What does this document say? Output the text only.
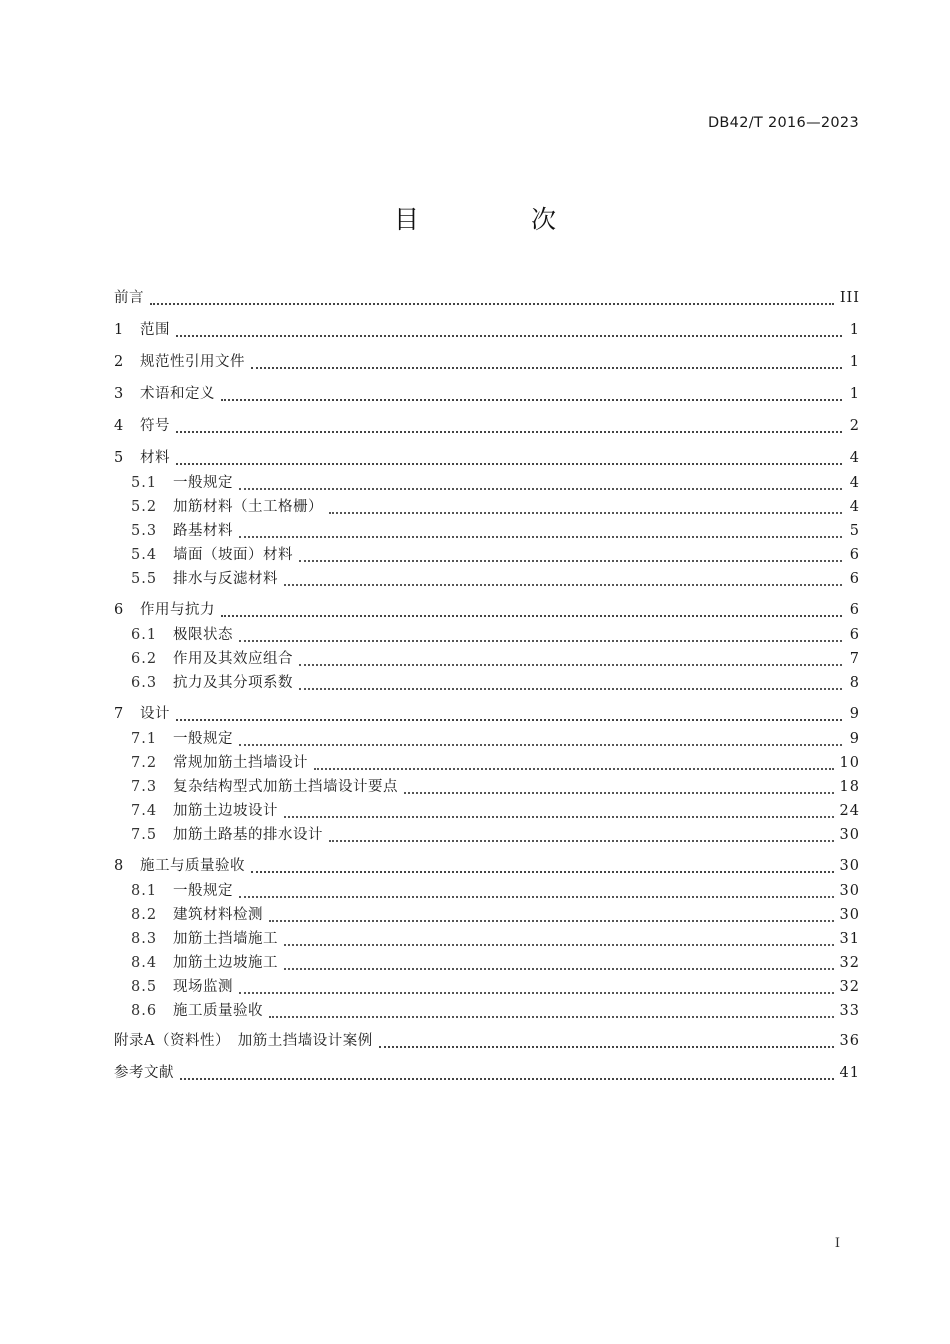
DB42/T 2016—2023
目 次
前言	III
1	范围	1
2	规范性引用文件	1
3	术语和定义	1
4	符号	2
5	材料	4
5.1	一般规定	4
5.2	加筋材料（土工格栅）	4
5.3	路基材料	5
5.4	墙面（坡面）材料	6
5.5	排水与反滤材料	6
6	作用与抗力	6
6.1	极限状态	6
6.2	作用及其效应组合	7
6.3	抗力及其分项系数	8
7	设计	9
7.1	一般规定	9
7.2	常规加筋土挡墙设计	10
7.3	复杂结构型式加筋土挡墙设计要点	18
7.4	加筋土边坡设计	24
7.5	加筋土路基的排水设计	30
8	施工与质量验收	30
8.1	一般规定	30
8.2	建筑材料检测	30
8.3	加筋土挡墙施工	31
8.4	加筋土边坡施工	32
8.5	现场监测	32
8.6	施工质量验收	33
附录A（资料性）　加筋土挡墙设计案例	36
参考文献	41
I
